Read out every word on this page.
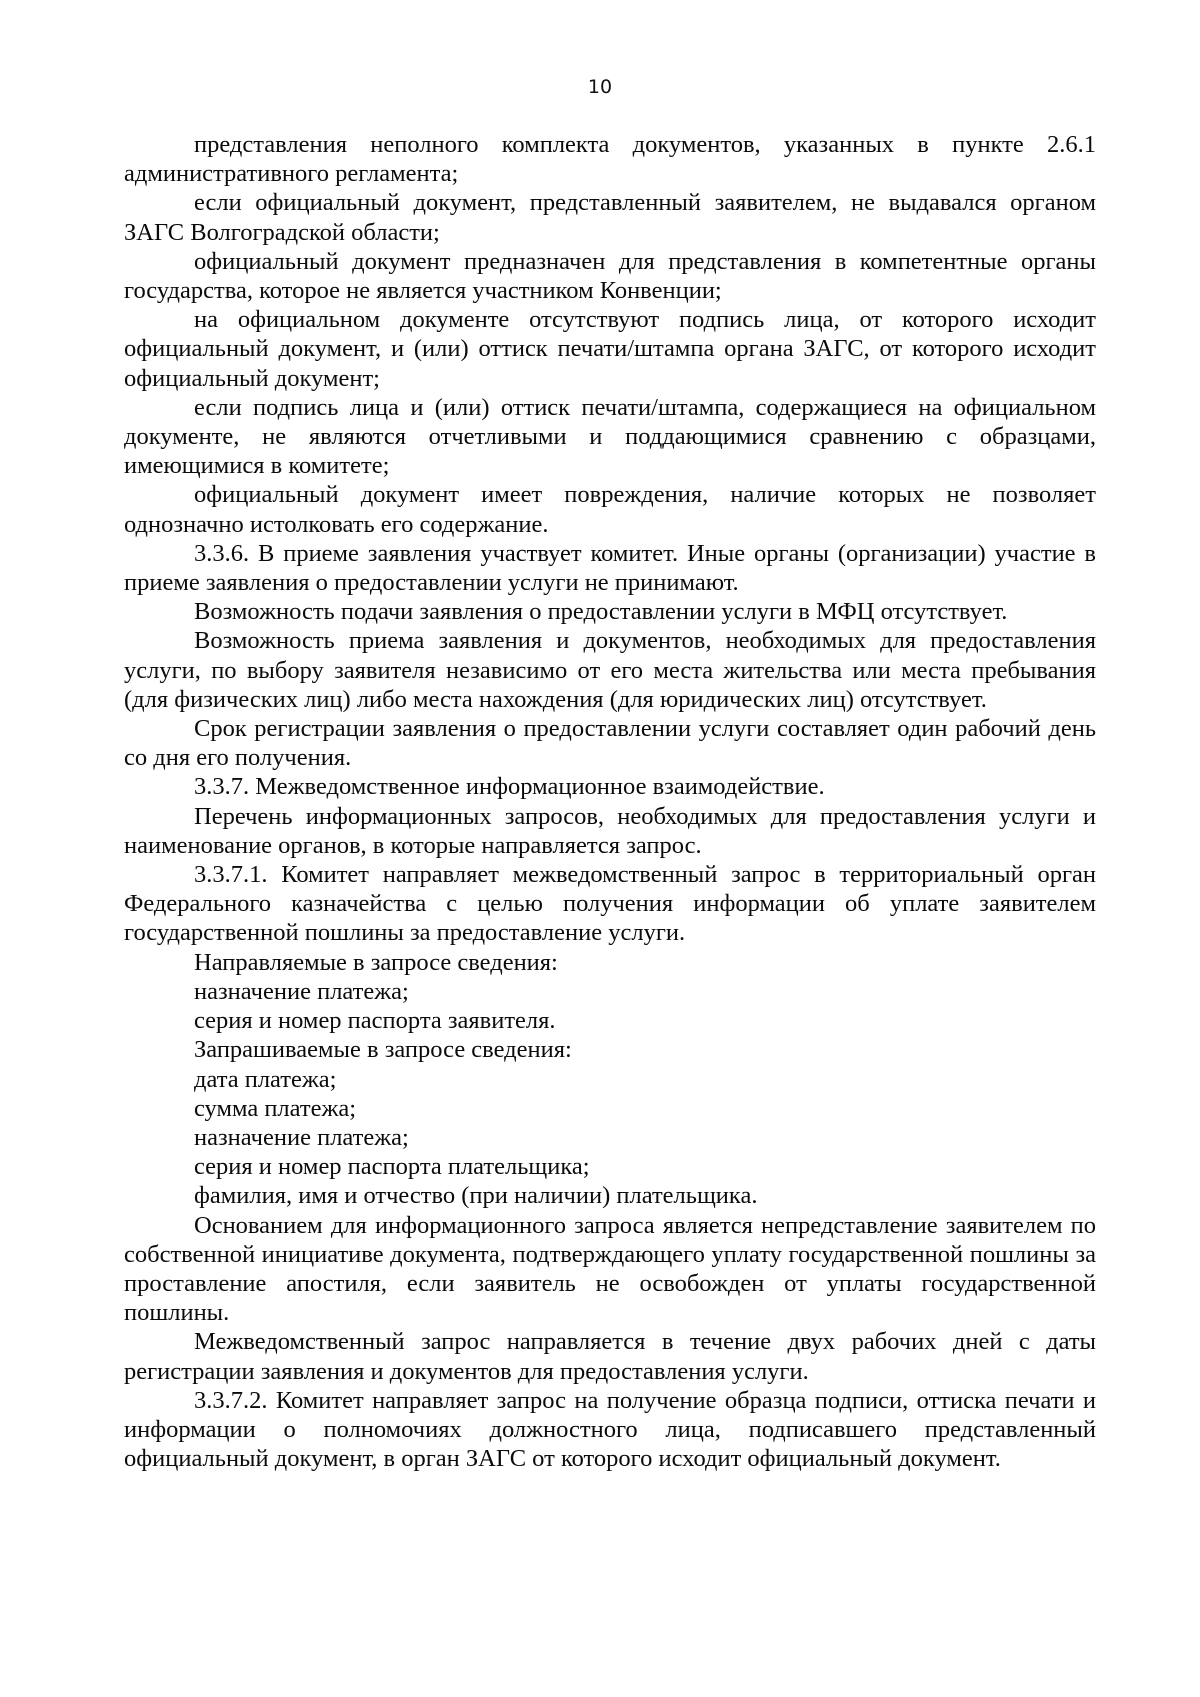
10

представления неполного комплекта документов, указанных в пункте 2.6.1 административного регламента;

если официальный документ, представленный заявителем, не выдавался органом ЗАГС Волгоградской области;

официальный документ предназначен для представления в компетентные органы государства, которое не является участником Конвенции;

на официальном документе отсутствуют подпись лица, от которого исходит официальный документ, и (или) оттиск печати/штампа органа ЗАГС, от которого исходит официальный документ;

если подпись лица и (или) оттиск печати/штампа, содержащиеся на официальном документе, не являются отчетливыми и поддающимися сравнению с образцами, имеющимися в комитете;

официальный документ имеет повреждения, наличие которых не позволяет однозначно истолковать его содержание.

3.3.6. В приеме заявления участвует комитет. Иные органы (организации) участие в приеме заявления о предоставлении услуги не принимают.

Возможность подачи заявления о предоставлении услуги в МФЦ отсутствует.

Возможность приема заявления и документов, необходимых для предоставления услуги, по выбору заявителя независимо от его места жительства или места пребывания (для физических лиц) либо места нахождения (для юридических лиц) отсутствует.

Срок регистрации заявления о предоставлении услуги составляет один рабочий день со дня его получения.

3.3.7. Межведомственное информационное взаимодействие.

Перечень информационных запросов, необходимых для предоставления услуги и наименование органов, в которые направляется запрос.

3.3.7.1. Комитет направляет межведомственный запрос в территориальный орган Федерального казначейства с целью получения информации об уплате заявителем государственной пошлины за предоставление услуги.

Направляемые в запросе сведения:

назначение платежа;

серия и номер паспорта заявителя.

Запрашиваемые в запросе сведения:

дата платежа;

сумма платежа;

назначение платежа;

серия и номер паспорта плательщика;

фамилия, имя и отчество (при наличии) плательщика.

Основанием для информационного запроса является непредставление заявителем по собственной инициативе документа, подтверждающего уплату государственной пошлины за проставление апостиля, если заявитель не освобожден от уплаты государственной пошлины.

Межведомственный запрос направляется в течение двух рабочих дней с даты регистрации заявления и документов для предоставления услуги.

3.3.7.2. Комитет направляет запрос на получение образца подписи, оттиска печати и информации о полномочиях должностного лица, подписавшего представленный официальный документ, в орган ЗАГС от которого исходит официальный документ.
